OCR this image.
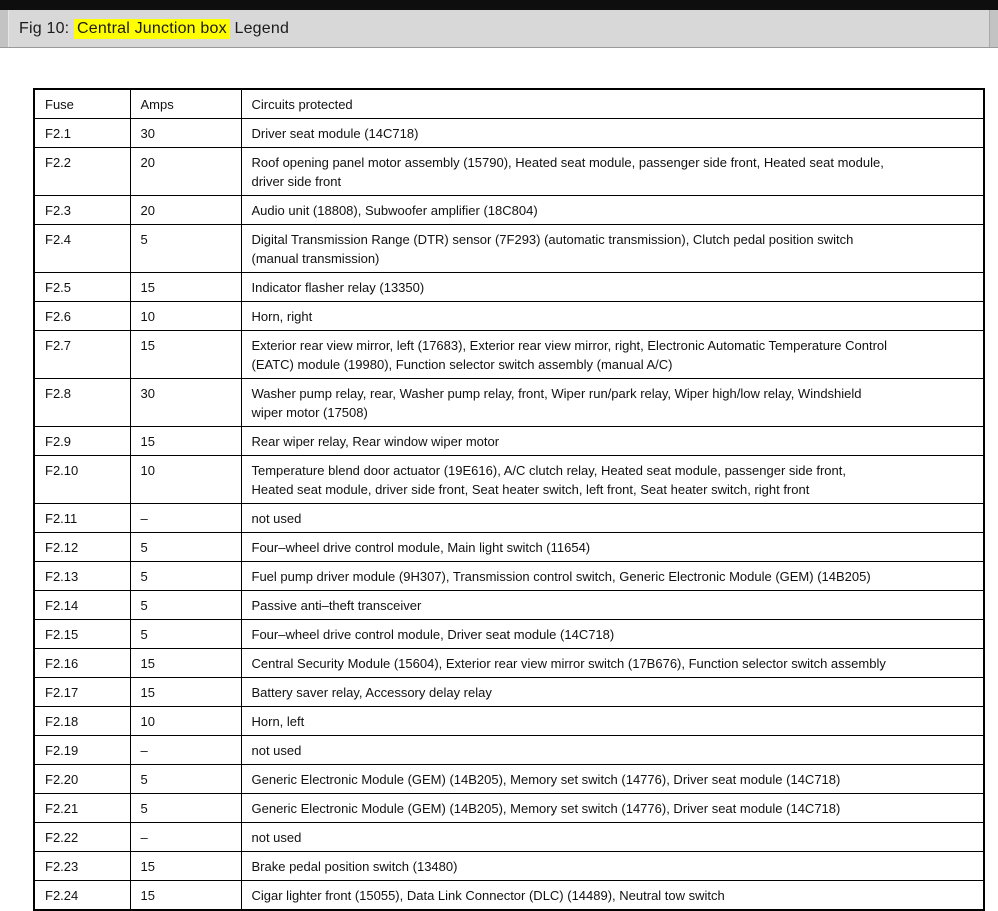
Fig 10: Central Junction box Legend
Fuse	Amps	Circuits protected
F2.1	30	Driver seat module (14C718)
F2.2	20	Roof opening panel motor assembly (15790), Heated seat module, passenger side front, Heated seat module,
driver side front
F2.3	20	Audio unit (18808), Subwoofer amplifier (18C804)
F2.4	5	Digital Transmission Range (DTR) sensor (7F293) (automatic transmission), Clutch pedal position switch
(manual transmission)
F2.5	15	Indicator flasher relay (13350)
F2.6	10	Horn, right
F2.7	15	Exterior rear view mirror, left (17683), Exterior rear view mirror, right, Electronic Automatic Temperature Control
(EATC) module (19980), Function selector switch assembly (manual A/C)
F2.8	30	Washer pump relay, rear, Washer pump relay, front, Wiper run/park relay, Wiper high/low relay, Windshield
wiper motor (17508)
F2.9	15	Rear wiper relay, Rear window wiper motor
F2.10	10	Temperature blend door actuator (19E616), A/C clutch relay, Heated seat module, passenger side front,
Heated seat module, driver side front, Seat heater switch, left front, Seat heater switch, right front
F2.11	–	not used
F2.12	5	Four–wheel drive control module, Main light switch (11654)
F2.13	5	Fuel pump driver module (9H307), Transmission control switch, Generic Electronic Module (GEM) (14B205)
F2.14	5	Passive anti–theft transceiver
F2.15	5	Four–wheel drive control module, Driver seat module (14C718)
F2.16	15	Central Security Module (15604), Exterior rear view mirror switch (17B676), Function selector switch assembly
F2.17	15	Battery saver relay, Accessory delay relay
F2.18	10	Horn, left
F2.19	–	not used
F2.20	5	Generic Electronic Module (GEM) (14B205), Memory set switch (14776), Driver seat module (14C718)
F2.21	5	Generic Electronic Module (GEM) (14B205), Memory set switch (14776), Driver seat module (14C718)
F2.22	–	not used
F2.23	15	Brake pedal position switch (13480)
F2.24	15	Cigar lighter front (15055), Data Link Connector (DLC) (14489), Neutral tow switch
